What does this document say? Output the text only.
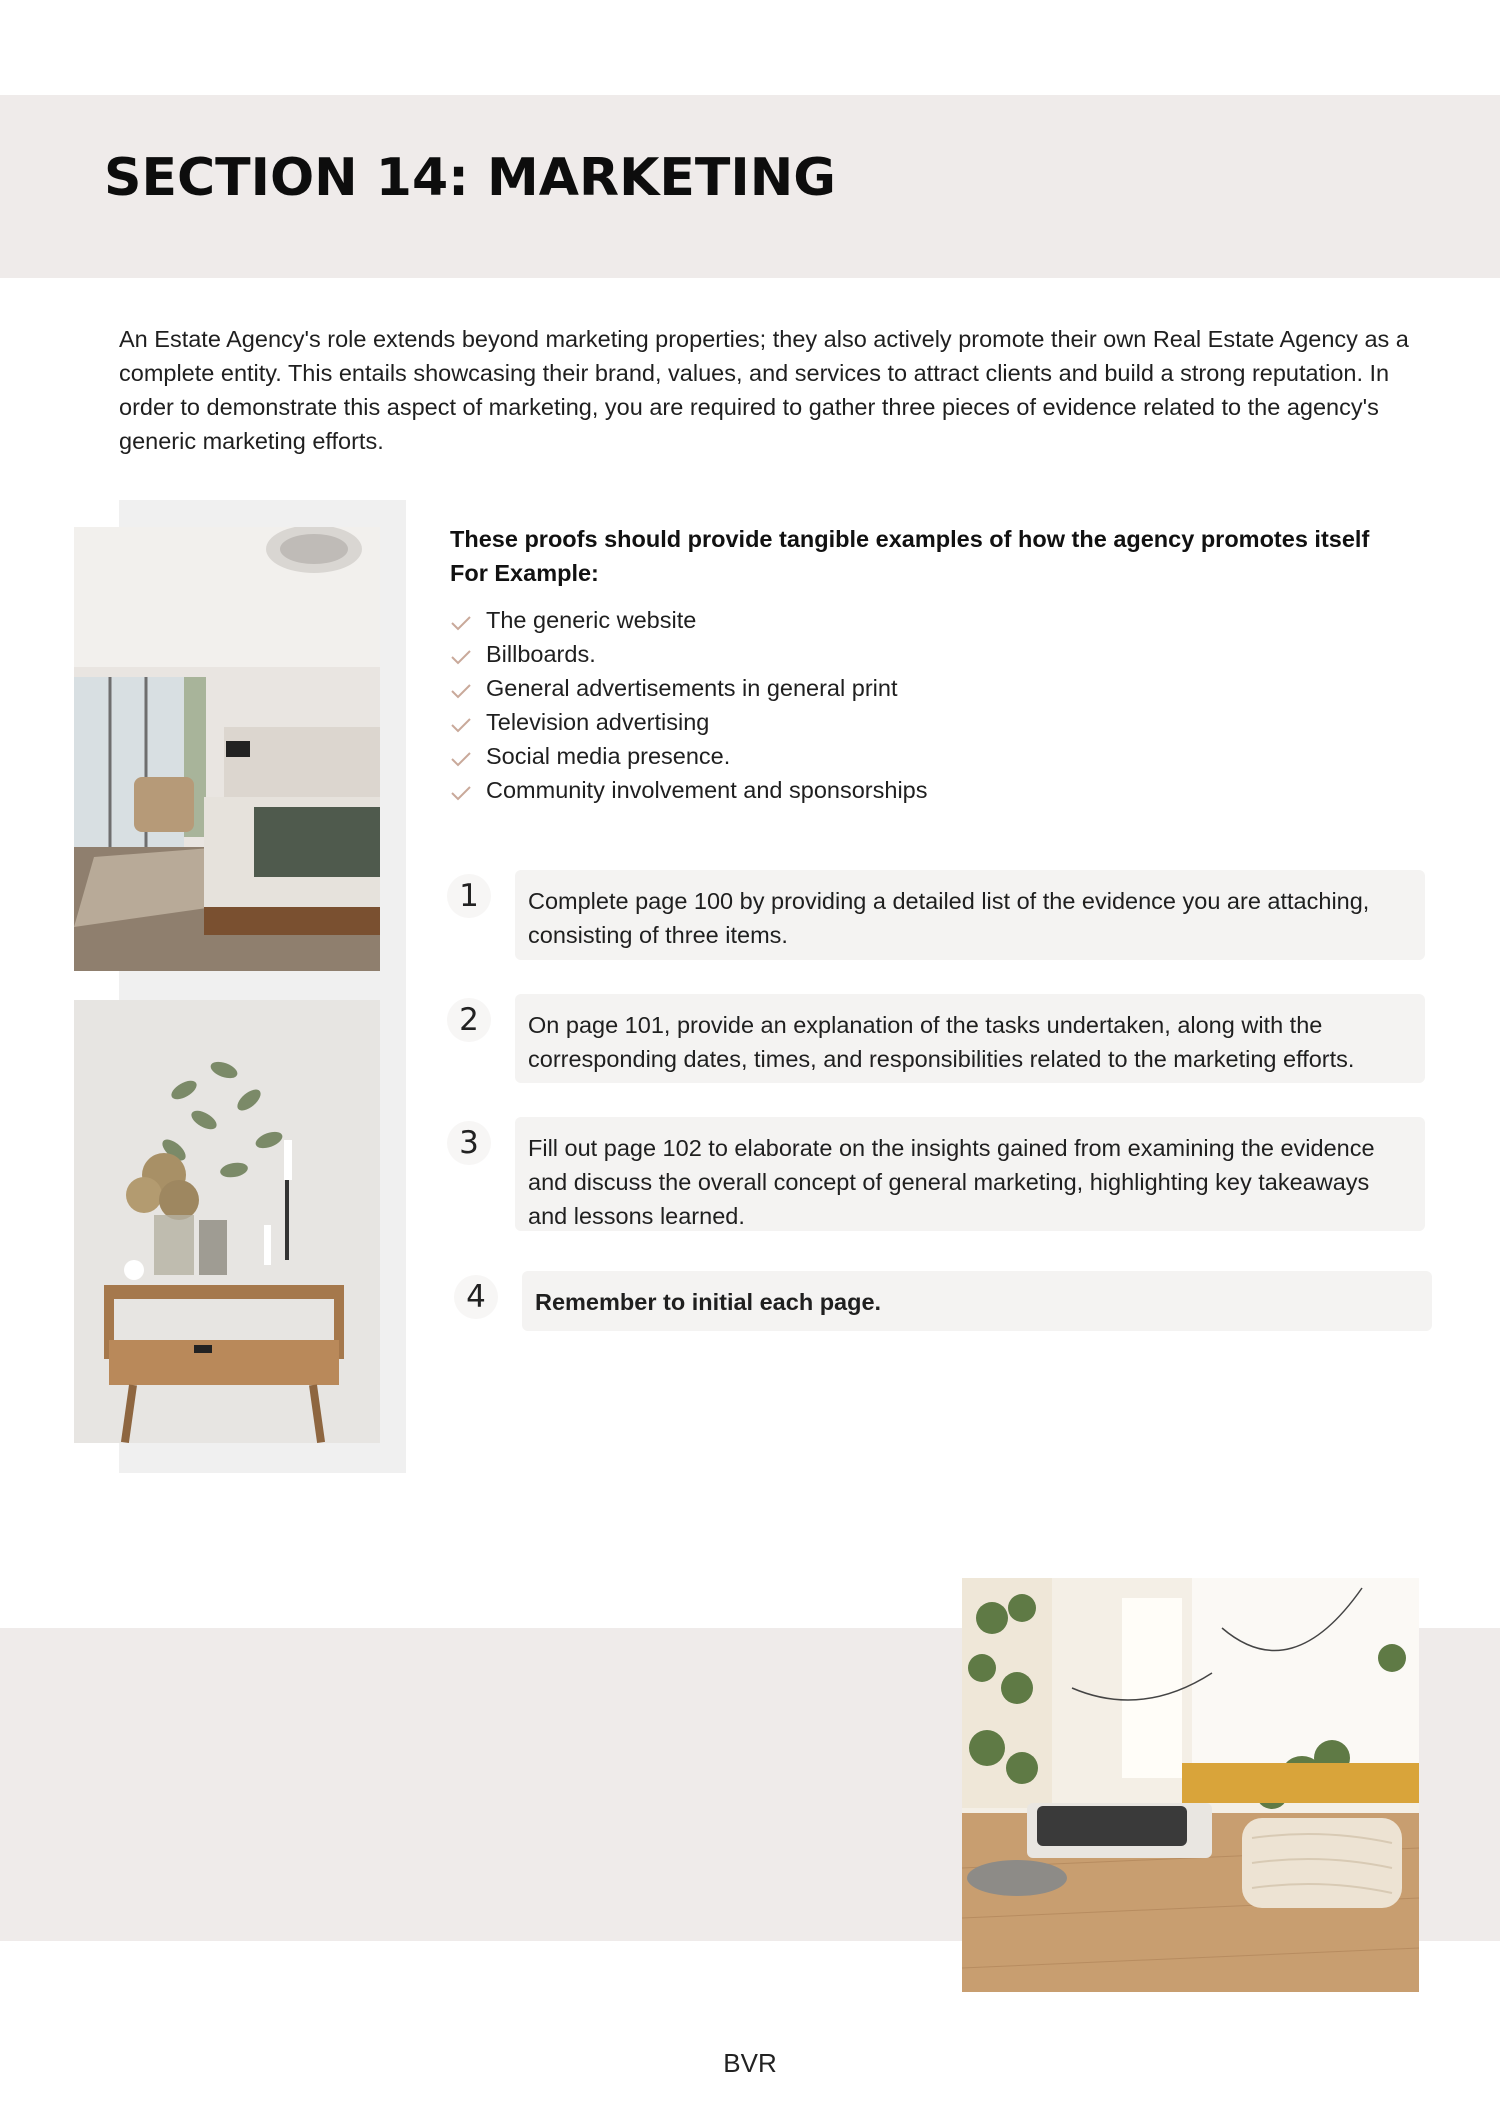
SECTION 14: MARKETING

An Estate Agency's role extends beyond marketing properties; they also actively promote their own Real Estate Agency as a complete entity. This entails showcasing their brand, values, and services to attract clients and build a strong reputation. In order to demonstrate this aspect of marketing, you are required to gather three pieces of evidence related to the agency's generic marketing efforts.

These proofs should provide tangible examples of how the agency promotes itself
For Example:
The generic website
Billboards.
General advertisements in general print
Television advertising
Social media presence.
Community involvement and sponsorships
1	Complete page 100 by providing a detailed list of the evidence you are attaching, consisting of three items.
2	On page 101, provide an explanation of the tasks undertaken, along with the corresponding dates, times, and responsibilities related to the marketing efforts.
3	Fill out page 102 to elaborate on the insights gained from examining the evidence and discuss the overall concept of general marketing, highlighting key takeaways and lessons learned.
4	Remember to initial each page.
BVR
